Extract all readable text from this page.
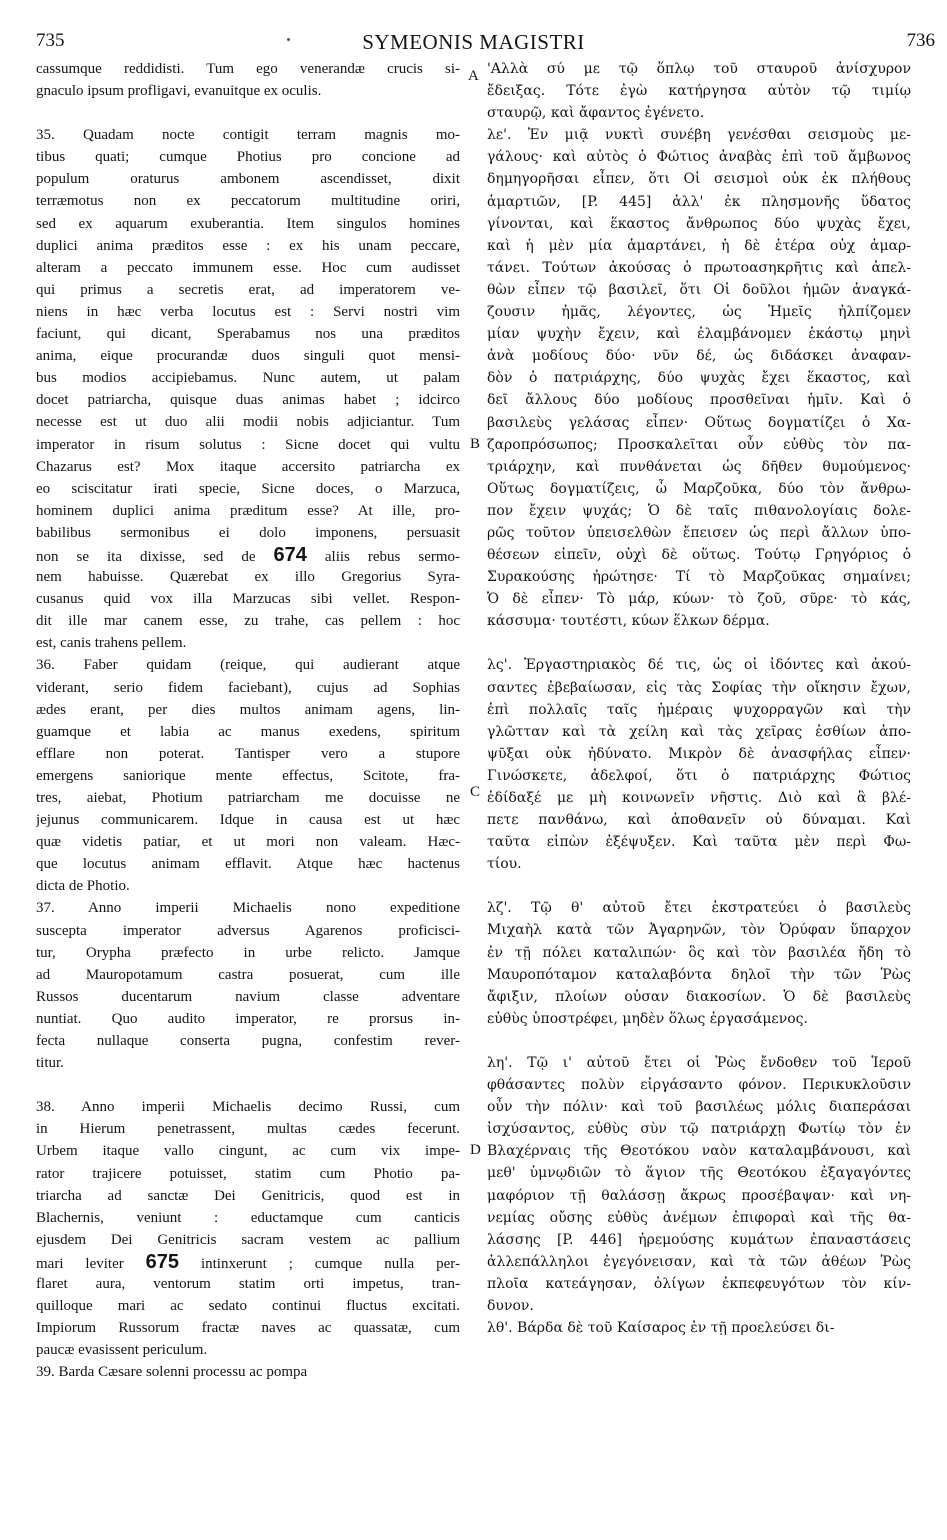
735	SYMEONIS MAGISTRI	736
cassumque reddidisti. Tum ego venerandæ crucis si-
gnaculo ipsum profligavi, evanuitque ex oculis.
35. Quadam nocte contigit terram magnis mo-
tibus quati; cumque Photius pro concione ad
populum oraturus ambonem ascendisset, dixit
terræmotus non ex peccatorum multitudine oriri,
sed ex aquarum exuberantia. Item singulos homines
duplici anima præditos esse : ex his unam peccare,
alteram a peccato immunem esse. Hoc cum audisset
qui primus a secretis erat, ad imperatorem ve-
niens in hæc verba locutus est : Servi nostri vim
faciunt, qui dicant, Sperabamus nos una præditos
anima, eique procurandæ duos singuli quot mensi-
bus modios accipiebamus. Nunc autem, ut palam
docet patriarcha, quisque duas animas habet ; idcirco
necesse est ut duo alii modii nobis adjiciantur. Tum
imperator in risum solutus : Sicne docet qui vultu
Chazarus est? Mox itaque accersito patriarcha ex
eo sciscitatur irati specie, Sicne doces, o Marzuca,
hominem duplici anima præditum esse? At ille, pro-
babilibus sermonibus ei dolo imponens, persuasit
non se ita dixisse, sed de 674 aliis rebus sermo-
nem habuisse. Quærebat ex illo Gregorius Syra-
cusanus quid vox illa Marzucas sibi vellet. Respon-
dit ille mar canem esse, zu trahe, cas pellem : hoc
est, canis trahens pellem.
36. Faber quidam (reique, qui audierant atque
viderant, serio fidem faciebant), cujus ad Sophias
ædes erant, per dies multos animam agens, lin-
guamque et labia ac manus exedens, spiritum
efflare non poterat. Tantisper vero a stupore
emergens saniorique mente effectus, Scitote, fra-
tres, aiebat, Photium patriarcham me docuisse ne
jejunus communicarem. Idque in causa est ut hæc
quæ videtis patiar, et ut mori non valeam. Hæc-
que locutus animam efflavit. Atque hæc hactenus
dicta de Photio.
37. Anno imperii Michaelis nono expeditione
suscepta imperator adversus Agarenos proficisci-
tur, Orypha præfecto in urbe relicto. Jamque
ad Mauropotamum castra posuerat, cum ille
Russos ducentarum navium classe adventare
nuntiat. Quo audito imperator, re prorsus in-
fecta nullaque conserta pugna, confestim rever-
titur.
38. Anno imperii Michaelis decimo Russi, cum
in Hierum penetrassent, multas cædes fecerunt.
Urbem itaque vallo cingunt, ac cum vix impe-
rator trajicere potuisset, statim cum Photio pa-
triarcha ad sanctæ Dei Genitricis, quod est in
Blachernis, veniunt : eductamque cum canticis
ejusdem Dei Genitricis sacram vestem ac pallium
mari leviter 675 intinxerunt ; cumque nulla per-
flaret aura, ventorum statim orti impetus, tran-
quilloque mari ac sedato continui fluctus excitati.
Impiorum Russorum fractæ naves ac quassatæ, cum
paucæ evasissent periculum.
39. Barda Cæsare solenni processu ac pompa
'Αλλὰ σύ με τῷ ὅπλῳ τοῦ σταυροῦ ἀνίσχυρον
ἔδειξας. Τότε ἐγὼ κατήργησα αὐτὸν τῷ τιμίῳ
σταυρῷ, καὶ ἄφαντος ἐγένετο.
λε'. Ἐν μιᾷ νυκτὶ συνέβη γενέσθαι σεισμοὺς με-
γάλους· καὶ αὐτὸς ὁ Φώτιος ἀναβὰς ἐπὶ τοῦ ἄμβωνος
δημηγορῆσαι εἶπεν, ὅτι Οἱ σεισμοὶ οὐκ ἐκ πλήθους
ἁμαρτιῶν, [P. 445] ἀλλ' ἐκ πλησμονῆς ὕδατος
γίνονται, καὶ ἕκαστος ἄνθρωπος δύο ψυχὰς ἔχει,
καὶ ἡ μὲν μία ἁμαρτάνει, ἡ δὲ ἑτέρα οὐχ ἁμαρ-
τάνει. Τούτων ἀκούσας ὁ πρωτοασηκρῆτις καὶ ἀπελ-
θὼν εἶπεν τῷ βασιλεῖ, ὅτι Οἱ δοῦλοι ἡμῶν ἀναγκά-
ζουσιν ἡμᾶς, λέγοντες, ὡς Ἡμεῖς ἠλπίζομεν
μίαν ψυχὴν ἔχειν, καὶ ἐλαμβάνομεν ἑκάστῳ μηνὶ
ἀνὰ μοδίους δύο· νῦν δέ, ὡς διδάσκει ἀναφαν-
δὸν ὁ πατριάρχης, δύο ψυχὰς ἔχει ἕκαστος, καὶ
δεῖ ἄλλους δύο μοδίους προσθεῖναι ἡμῖν. Καὶ ὁ
βασιλεὺς γελάσας εἶπεν· Οὕτως δογματίζει ὁ Χα-
ζαροπρόσωπος; Προσκαλεῖται οὖν εὐθὺς τὸν πα-
τριάρχην, καὶ πυνθάνεται ὡς δῆθεν θυμούμενος·
Οὕτως δογματίζεις, ὦ Μαρζοῦκα, δύο τὸν ἄνθρω-
πον ἔχειν ψυχάς; Ὁ δὲ ταῖς πιθανολογίαις δολε-
ρῶς τοῦτον ὑπεισελθὼν ἔπεισεν ὡς περὶ ἄλλων ὑπο-
θέσεων εἰπεῖν, οὐχὶ δὲ οὕτως. Τούτῳ Γρηγόριος ὁ
Συρακούσης ἠρώτησε· Τί τὸ Μαρζοῦκας σημαίνει;
Ὁ δὲ εἶπεν· Τὸ μάρ, κύων· τὸ ζοῦ, σῦρε· τὸ κάς,
κάσσυμα· τουτέστι, κύων ἕλκων δέρμα.
λς'. Ἐργαστηριακὸς δέ τις, ὡς οἱ ἰδόντες καὶ ἀκού-
σαντες ἐβεβαίωσαν, εἰς τὰς Σοφίας τὴν οἴκησιν ἔχων,
ἐπὶ πολλαῖς ταῖς ἡμέραις ψυχορραγῶν καὶ τὴν
γλῶτταν καὶ τὰ χείλη καὶ τὰς χεῖρας ἐσθίων ἀπο-
ψῦξαι οὐκ ἠδύνατο. Μικρὸν δὲ ἀνασφήλας εἶπεν·
Γινώσκετε, ἀδελφοί, ὅτι ὁ πατριάρχης Φώτιος
ἐδίδαξέ με μὴ κοινωνεῖν νῆστις. Διὸ καὶ ἃ βλέ-
πετε πανθάνω, καὶ ἀποθανεῖν οὐ δύναμαι. Καὶ
ταῦτα εἰπὼν ἐξέψυξεν. Καὶ ταῦτα μὲν περὶ Φω-
τίου.
λζ'. Τῷ θ' αὐτοῦ ἔτει ἐκστρατεύει ὁ βασιλεὺς
Μιχαὴλ κατὰ τῶν Ἀγαρηνῶν, τὸν Ὀρύφαν ὕπαρχον
ἐν τῇ πόλει καταλιπών· ὃς καὶ τὸν βασιλέα ἤδη τὸ
Μαυροπόταμον καταλαβόντα δηλοῖ τὴν τῶν Ῥὼς
ἄφιξιν, πλοίων οὐσαν διακοσίων. Ὁ δὲ βασιλεὺς
εὐθὺς ὑποστρέφει, μηδὲν ὅλως ἐργασάμενος.
λη'. Τῷ ι' αὐτοῦ ἔτει οἱ Ῥὼς ἔνδοθεν τοῦ Ἱεροῦ
φθάσαντες πολὺν εἰργάσαντο φόνον. Περικυκλοῦσιν
οὖν τὴν πόλιν· καὶ τοῦ βασιλέως μόλις διαπεράσαι
ἰσχύσαντος, εὐθὺς σὺν τῷ πατριάρχῃ Φωτίῳ τὸν ἐν
Βλαχέρναις τῆς Θεοτόκου ναὸν καταλαμβάνουσι, καὶ
μεθ' ὑμνῳδιῶν τὸ ἅγιον τῆς Θεοτόκου ἐξαγαγόντες
μαφόριον τῇ θαλάσσῃ ἄκρως προσέβαψαν· καὶ νη-
νεμίας οὔσης εὐθὺς ἀνέμων ἐπιφοραὶ καὶ τῆς θα-
λάσσης [P. 446] ἠρεμούσης κυμάτων ἐπαναστάσεις
ἀλλεπάλληλοι ἐγεγόνεισαν, καὶ τὰ τῶν ἀθέων Ῥὼς
πλοῖα κατεάγησαν, ὀλίγων ἐκπεφευγότων τὸν κίν-
δυνον.
λθ'. Βάρδα δὲ τοῦ Καίσαρος ἐν τῇ προελεύσει δι-
A
B
C
D
